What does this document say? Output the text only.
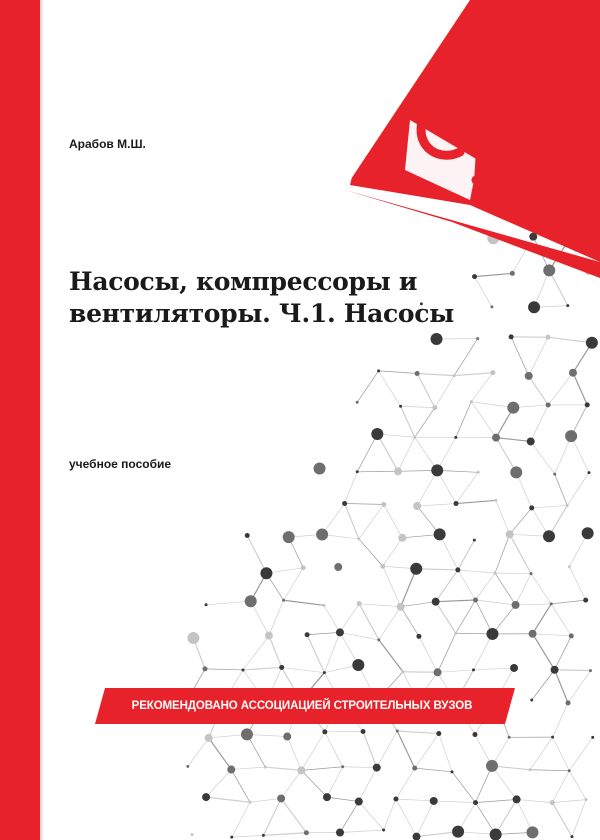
Арабов М.Ш.
Насосы, компрессоры и
вентиляторы. Ч.1. Насосы
учебное пособие
РЕКОМЕНДОВАНО АССОЦИАЦИЕЙ СТРОИТЕЛЬНЫХ ВУЗОВ
